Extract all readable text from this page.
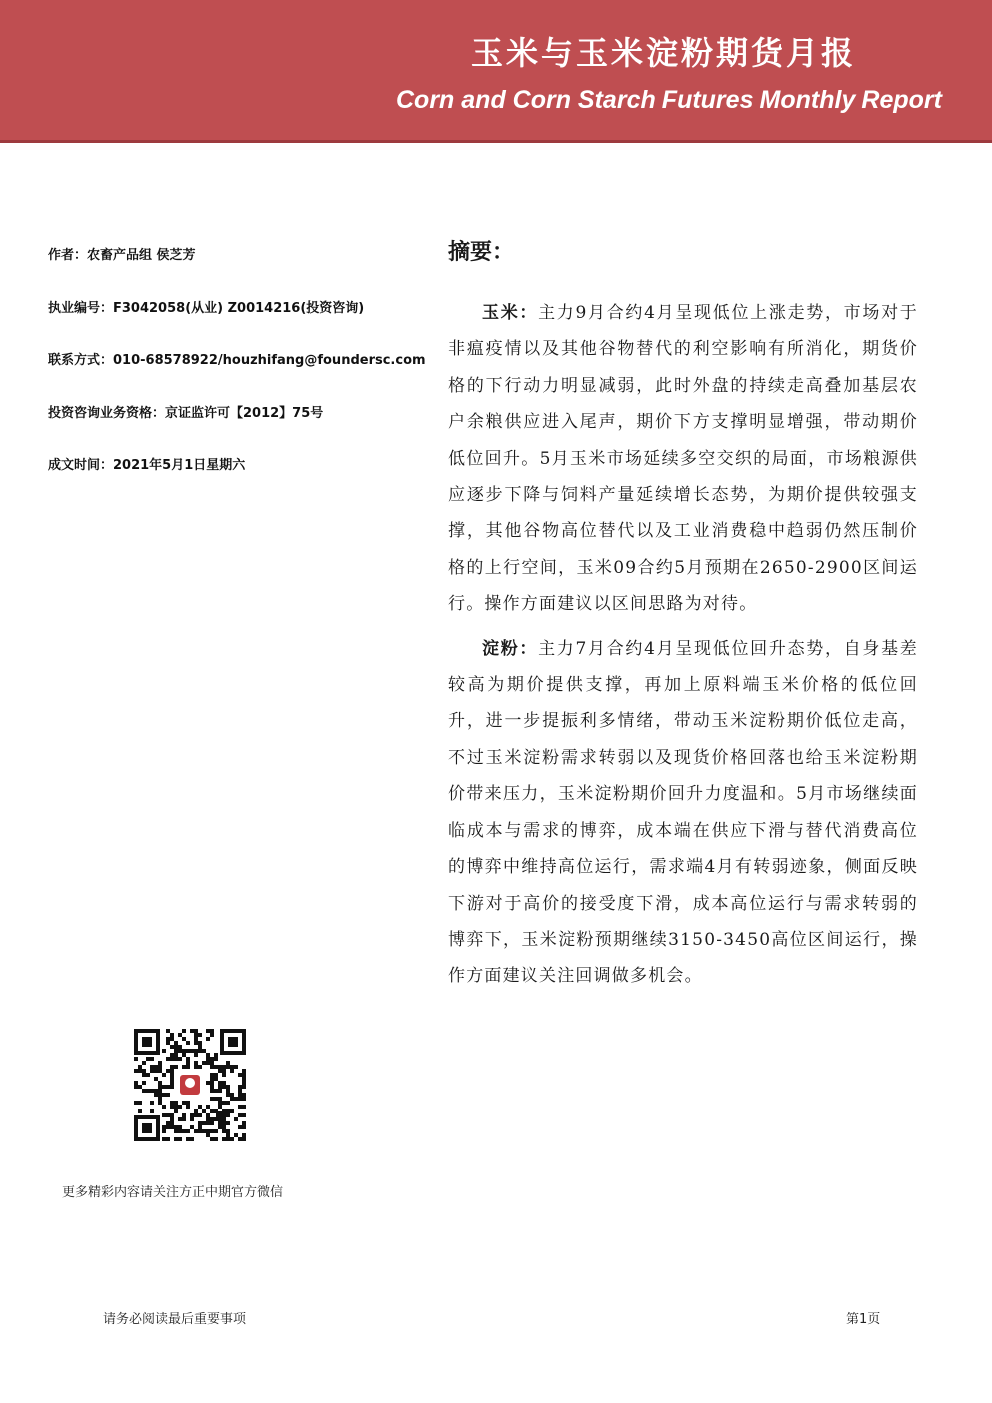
玉米与玉米淀粉期货月报
Corn and Corn Starch Futures Monthly Report
作者：农畜产品组 侯芝芳
执业编号：F3042058(从业) Z0014216(投资咨询)
联系方式：010-68578922/houzhifang@foundersc.com
投资咨询业务资格：京证监许可【2012】75号
成文时间：2021年5月1日星期六
摘要：

玉米：主力9月合约4月呈现低位上涨走势，市场对于非瘟疫情以及其他谷物替代的利空影响有所消化，期货价格的下行动力明显减弱，此时外盘的持续走高叠加基层农户余粮供应进入尾声，期价下方支撑明显增强，带动期价低位回升。5月玉米市场延续多空交织的局面，市场粮源供应逐步下降与饲料产量延续增长态势，为期价提供较强支撑，其他谷物高位替代以及工业消费稳中趋弱仍然压制价格的上行空间，玉米09合约5月预期在2650-2900区间运行。操作方面建议以区间思路为对待。

淀粉：主力7月合约4月呈现低位回升态势，自身基差较高为期价提供支撑，再加上原料端玉米价格的低位回升，进一步提振利多情绪，带动玉米淀粉期价低位走高，不过玉米淀粉需求转弱以及现货价格回落也给玉米淀粉期价带来压力，玉米淀粉期价回升力度温和。5月市场继续面临成本与需求的博弈，成本端在供应下滑与替代消费高位的博弈中维持高位运行，需求端4月有转弱迹象，侧面反映下游对于高价的接受度下滑，成本高位运行与需求转弱的博弈下，玉米淀粉预期继续3150-3450高位区间运行，操作方面建议关注回调做多机会。

更多精彩内容请关注方正中期官方微信
请务必阅读最后重要事项	第1页
